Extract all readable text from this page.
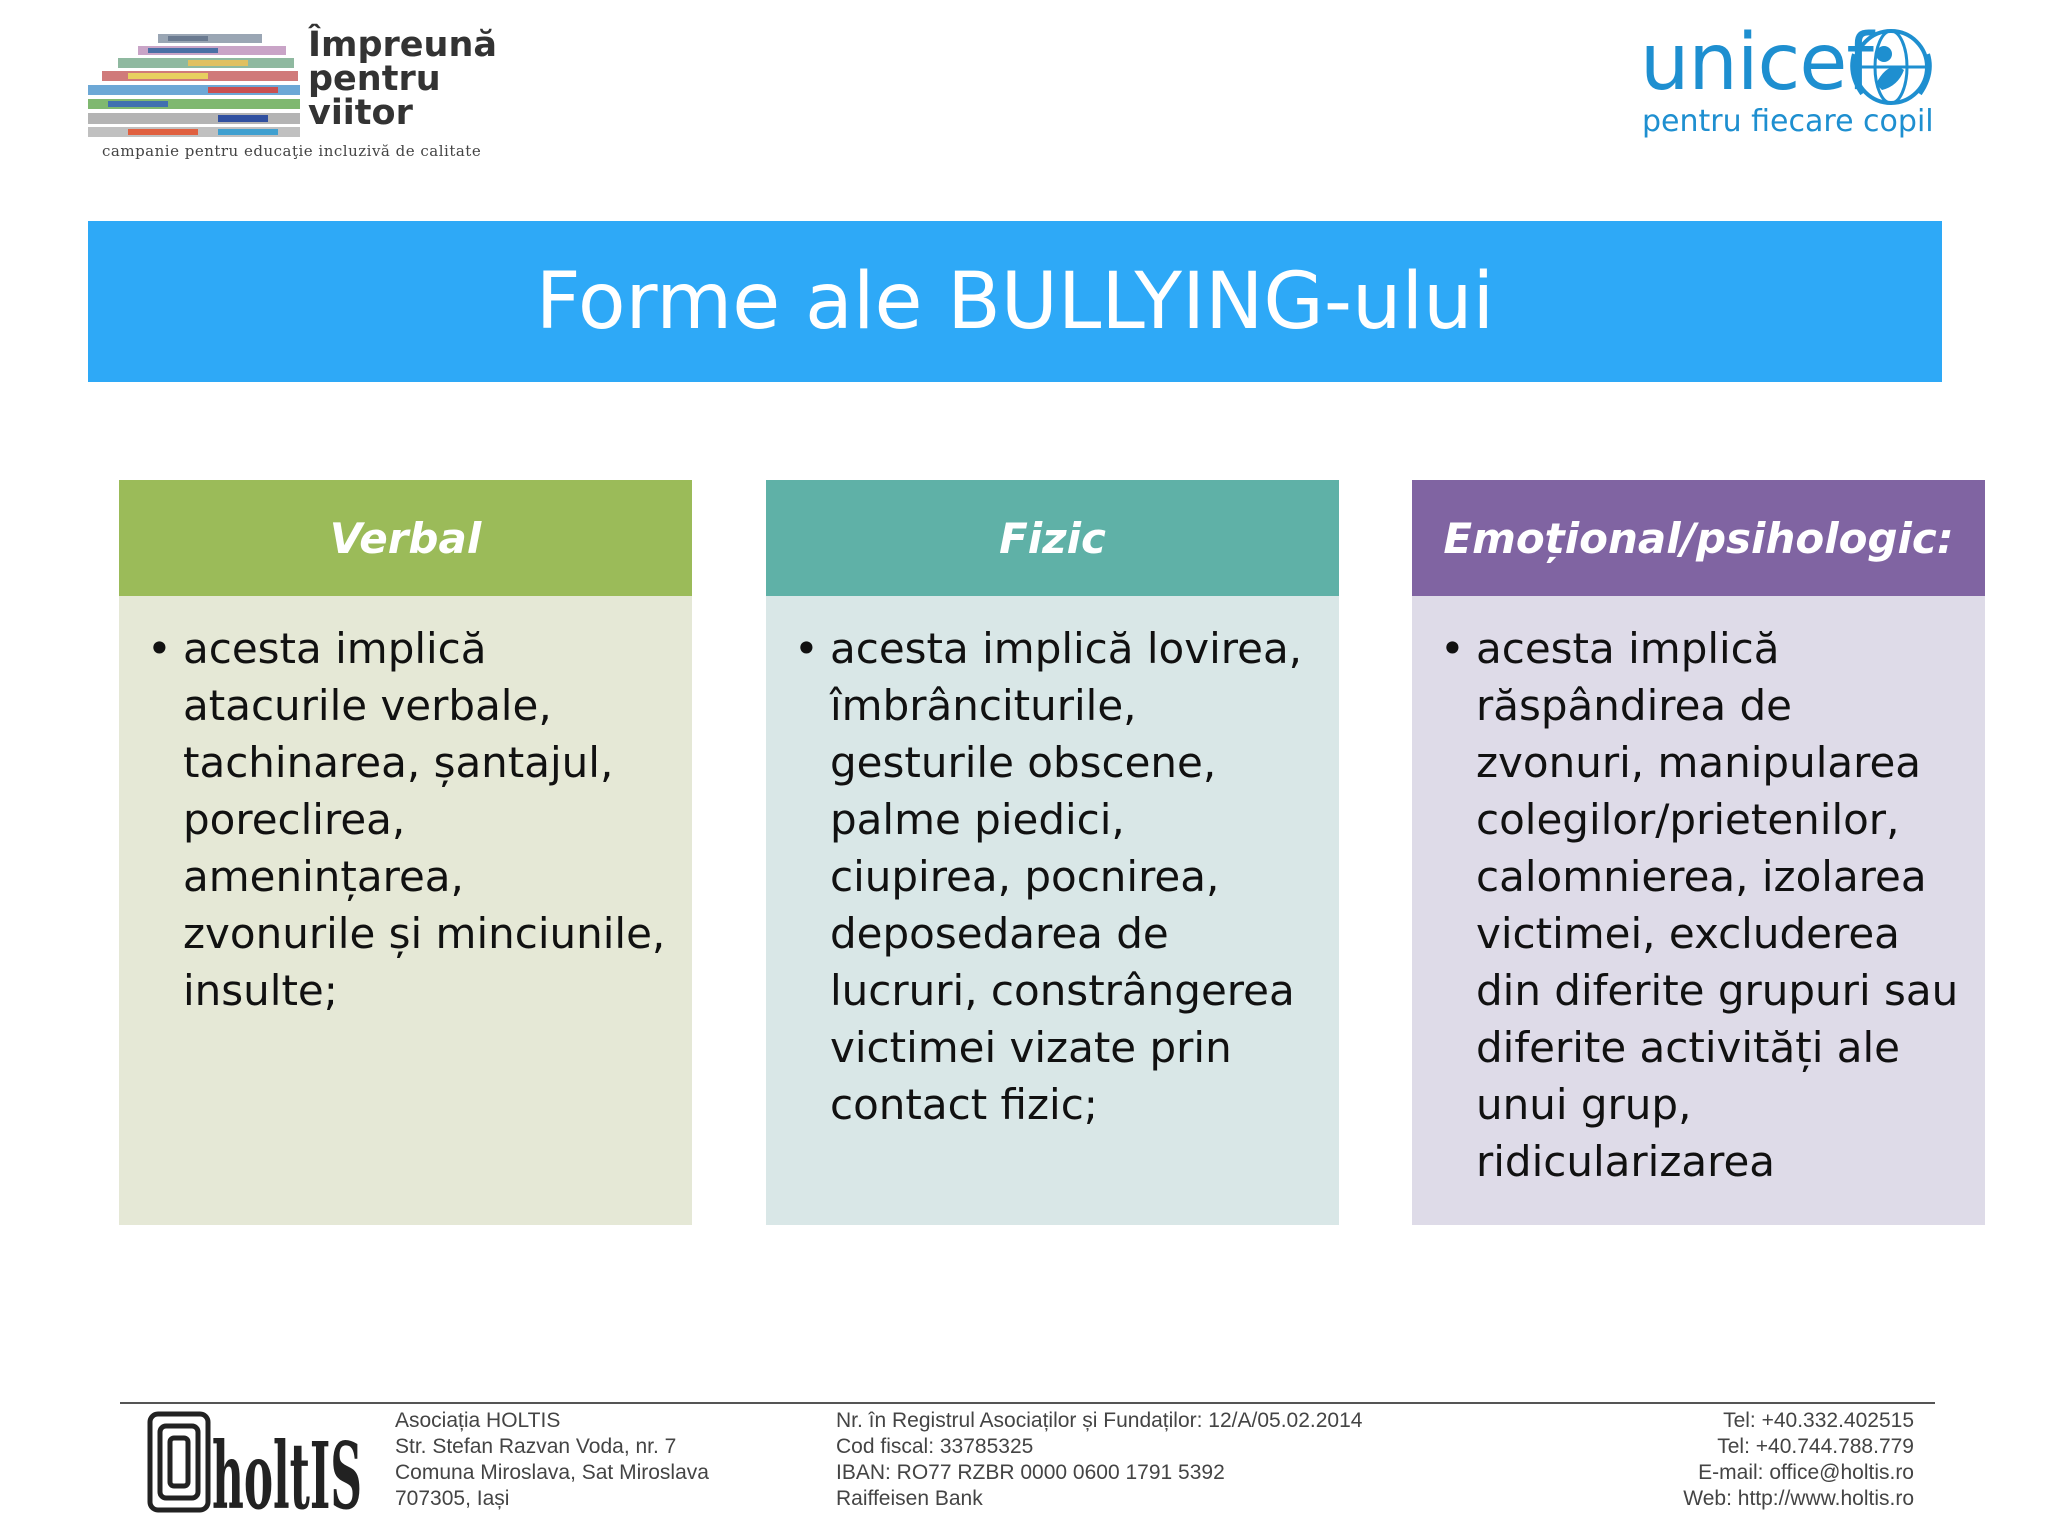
Împreună
pentru
viitor
campanie pentru educaţie incluzivă de calitate
unicef
pentru fiecare copil
Forme ale BULLYING-ului
Verbal
• acesta implică
atacurile verbale,
tachinarea, șantajul,
poreclirea,
amenințarea,
zvonurile și minciunile,
insulte;
Fizic
• acesta implică lovirea,
îmbrânciturile,
gesturile obscene,
palme piedici,
ciupirea, pocnirea,
deposedarea de
lucruri, constrângerea
victimei vizate prin
contact fizic;
Emoțional/psihologic:
• acesta implică
răspândirea de
zvonuri, manipularea
colegilor/prietenilor,
calomnierea, izolarea
victimei, excluderea
din diferite grupuri sau
diferite activități ale
unui grup,
ridicularizarea
holtIS
Asociația HOLTIS
Str. Stefan Razvan Voda, nr. 7
Comuna Miroslava, Sat Miroslava
707305, Iași
Nr. în Registrul Asociaților și Fundaților: 12/A/05.02.2014
Cod fiscal: 33785325
IBAN: RO77 RZBR 0000 0600 1791 5392
Raiffeisen Bank
Tel: +40.332.402515
Tel: +40.744.788.779
E-mail: office@holtis.ro
Web: http://www.holtis.ro
